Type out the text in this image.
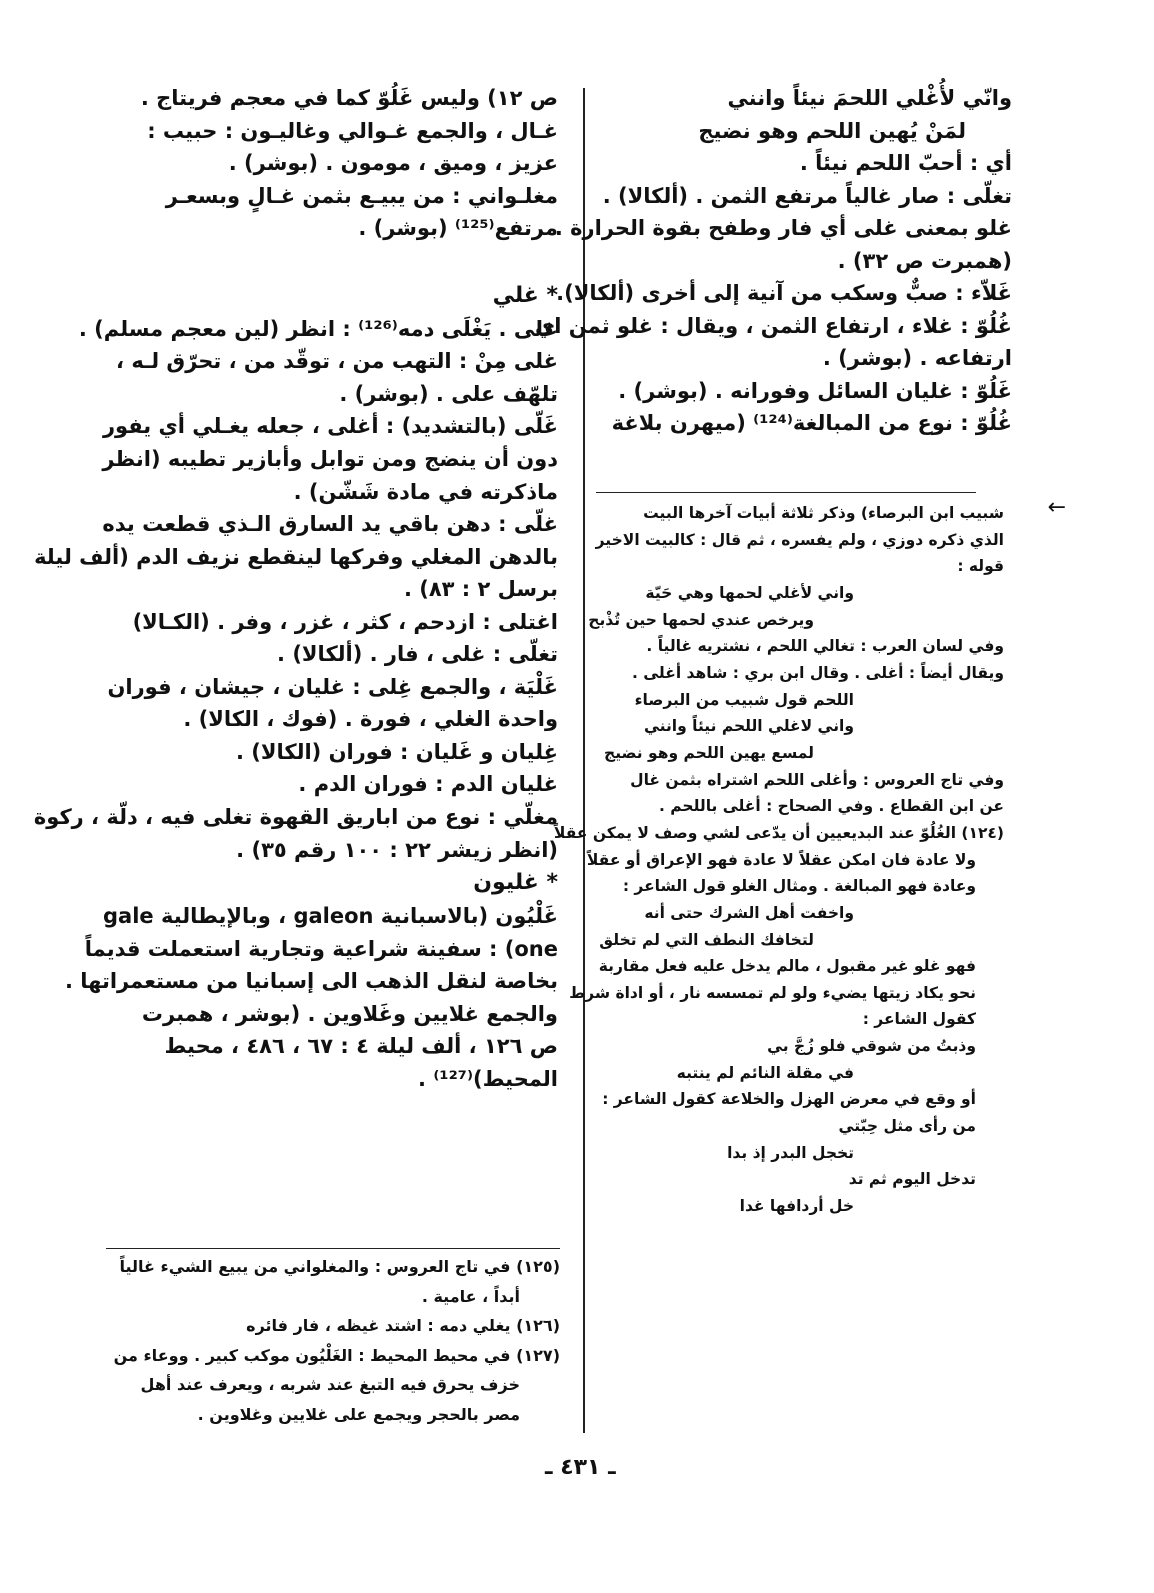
وانّي لأُغْلي اللحمَ نيئاً وانني
لمَنْ يُهين اللحم وهو نضيج
أي : أحبّ اللحم نيئاً .
تغلّى : صار غالياً مرتفع الثمن . (ألكالا) .
غلو بمعنى غلى أي فار وطفح بقوة الحرارة .
(همبرت ص ٣٢) .
غَلاّء : صبٌّ وسكب من آنية إلى أخرى (ألكالا).
غُلُوّ : غلاء ، ارتفاع الثمن ، ويقال : غلو ثمن اي
ارتفاعه . (بوشر) .
غَلُوّ : غليان السائل وفورانه . (بوشر) .
غُلُوّ : نوع من المبالغة⁽¹²⁴⁾ (ميهرن بلاغة
←
شبيب ابن البرصاء) وذكر ثلاثة أبيات آخرها البيت
الذي ذكره دوزي ، ولم يفسره ، ثم قال : كالبيت الاخير
قوله :
واني لأغلي لحمها وهي حَيّة
ويرخص عندي لحمها حين تُذْبح
وفي لسان العرب : تغالي اللحم ، نشتريه غالياً .
ويقال أيضاً : أغلى . وقال ابن بري : شاهد أغلى .
اللحم قول شبيب من البرصاء
واني لاغلي اللحم نيئاً وانني
لمسع يهين اللحم وهو نضيج
وفي تاج العروس : وأغلى اللحم اشتراه بثمن غال
عن ابن القطاع . وفي الصحاح : أغلى باللحم .
(١٢٤) الغُلُوّ عند البديعيين أن يدّعى لشي وصف لا يمكن عقلاً
ولا عادة فان امكن عقلاً لا عادة فهو الإعراق أو عقلاً
وعادة فهو المبالغة . ومثال الغلو قول الشاعر :
واخفت أهل الشرك حتى أنه
لتخافك النطف التي لم تخلق
فهو غلو غير مقبول ، مالم يدخل عليه فعل مقاربة
نحو يكاد زيتها يضيء ولو لم تمسسه نار ، أو اداة شرط
كقول الشاعر :
وذبتُ من شوقي فلو زُجَّ بي
في مقلة النائم لم ينتبه
أو وقع في معرض الهزل والخلاعة كقول الشاعر :
من رأى مثل حِبّتي
تخجل البدر إذ بدا
تدخل اليوم ثم تد
خل أردافها غدا
ص ١٢) وليس غَلُوّ كما في معجم فريتاج .
غـال ، والجمع غـوالي وغاليـون : حبيب :
عزيز ، وميق ، مومون . (بوشر) .
مغلـواني : من يبيـع بثمن غـالٍ وبسعـر
مرتفع⁽¹²⁵⁾ (بوشر) .
* غلي
غلى . يَغْلَى دمه⁽¹²⁶⁾ : انظر (لين معجم مسلم) .
غلى مِنْ : التهب من ، توقّد من ، تحرّق لـه ،
تلهّف على . (بوشر) .
غَلّى (بالتشديد) : أغلى ، جعله يغـلي أي يفور
دون أن ينضج ومن توابل وأبازير تطيبه (انظر
ماذكرته في مادة شَشّن) .
غلّى : دهن باقي يد السارق الـذي قطعت يده
بالدهن المغلي وفركها لينقطع نزيف الدم (ألف ليلة
برسل ٢ : ٨٣) .
اغتلى : ازدحم ، كثر ، غزر ، وفر . (الكـالا)
تغلّى : غلى ، فار . (ألكالا) .
غَلْيَة ، والجمع غِلى : غليان ، جيشان ، فوران
واحدة الغلي ، فورة . (فوك ، الكالا) .
غِليان و غَليان : فوران (الكالا) .
غليان الدم : فوران الدم .
مغلّي : نوع من اباريق القهوة تغلى فيه ، دلّة ، ركوة
(انظر زيشر ٢٢ : ١٠٠ رقم ٣٥) .
* غليون
غَلْيُون (بالاسبانية galeon ، وبالإيطالية gale
one) : سفينة شراعية وتجارية استعملت قديماً
بخاصة لنقل الذهب الى إسبانيا من مستعمراتها .
والجمع غلايين وغَلاوين . (بوشر ، همبرت
ص ١٢٦ ، ألف ليلة ٤ : ٦٧ ، ٤٨٦ ، محيط
المحيط)⁽¹²⁷⁾ .
(١٢٥) في تاج العروس : والمغلواني من يبيع الشيء غالياً
أبداً ، عامية .
(١٢٦) يغلي دمه : اشتد غيظه ، فار فائره
(١٢٧) في محيط المحيط : الغَلْيُون موكب كبير . ووعاء من
خزف يحرق فيه التبغ عند شربه ، ويعرف عند أهل
مصر بالحجر ويجمع على غلايين وغلاوين .
ـ ٤٣١ ـ
